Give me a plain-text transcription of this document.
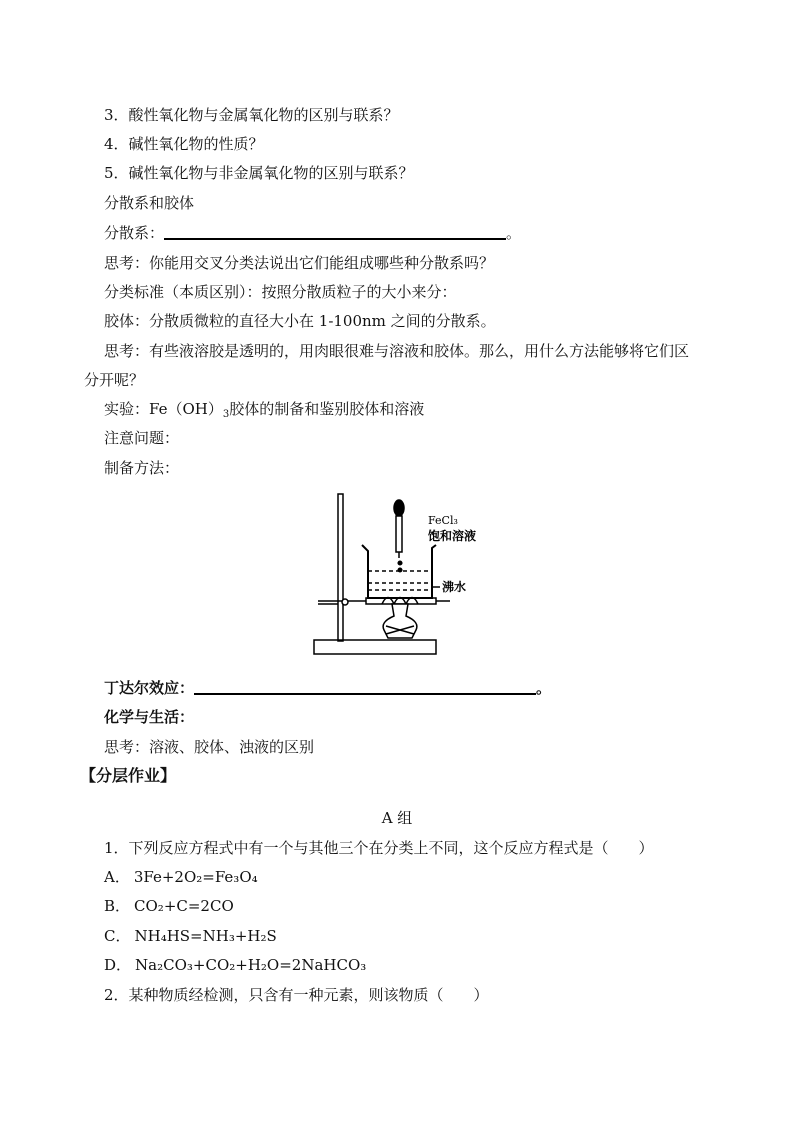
3．酸性氧化物与金属氧化物的区别与联系？
4．碱性氧化物的性质？
5．碱性氧化物与非金属氧化物的区别与联系？
分散系和胶体
分散系：	。
思考：你能用交叉分类法说出它们能组成哪些种分散系吗？
分类标准（本质区别）：按照分散质粒子的大小来分：
胶体：分散质微粒的直径大小在 1-100nm 之间的分散系。
思考：有些液溶胶是透明的，用肉眼很难与溶液和胶体。那么，用什么方法能够将它们区
分开呢？
实验：$Fe(OH)_3$胶体的制备和鉴别胶体和溶液
注意问题：
制备方法：
FeCl₃
饱和溶液
沸水
丁达尔效应：	。
化学与生活：
思考：溶液、胶体、浊液的区别
【分层作业】
A 组
1．下列反应方程式中有一个与其他三个在分类上不同，这个反应方程式是（　　）
A． 3Fe+2O₂=Fe₃O₄
B． CO₂+C=2CO
C． NH₄HS=NH₃+H₂S
D． Na₂CO₃+CO₂+H₂O=2NaHCO₃
2．某种物质经检测，只含有一种元素，则该物质（　　）
